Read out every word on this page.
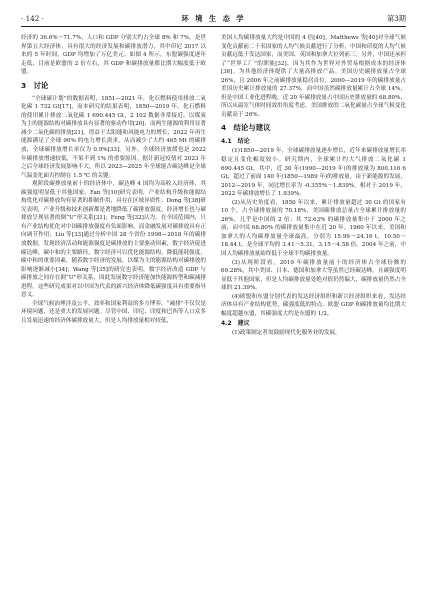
· 142 ·	环 境 生 态 学	第3期

经济的 36.6%～71.7%，人口和 GDP 分别大约占全球 8% 和 7%，是世界第五大经济体，具有很大的经济发展和碳排放潜力，其中印尼 2017 以来的 5 年时间，GDP 均增加了万亿美元。如图 4 所示，东盟碳强度逐年走低，目前是欧盟的 2 倍左右，其 GDP 和碳排放量都比期大幅度低于欧盟。

3　讨论

“全球碳计划”的数据表明，1851—2021 年，化石燃料使用排放二氧化碳 1 732 Gt[17]，而本研究的结果表明，1850—2019 年，化石燃料的使用累计排放二氧化碳 1 690.445 Gt，2 102 数据非常接近。以煤炭为主的能源结构对碳排放具有显著的驱动作用[20]，而两生能源的利用显著减少二氧化碳的排放[21]。得益于太阳能和风能电力的增长，2022 年再生能源满足了全球 90% 的电力增长需求，从而减少了大约 465 Mt 的碳排放，全球碳排放增长率仅为 0.9%[33]。另外，全球经济放缓也是 2022 年碳排放增速较低，不果不到 1% 的重要原因。据计新冠疫情对 2023 年之后全球经济发展影响不大，所以 2023—2025 年全球能否碳达峰是全球气温变化面否控制在 1.5 ℃ 的关键。

观阶段碳排放量前十的经济体中，碳达峰 4 国均为高收入经济体，其碳强度明显低于其他国家。Fan 等[10]研究表明，产业结构升级和能源结构优化对碳排放均有显著的抑制作用，具存在区域异质性；Dong 等[38]研究表明，产业升级和技术创新都是著地降低了碳排放强度，经济增长也与碳排放呈现显著的倒“U”形关系[31]；Feng 等[32]认为，在全国范围内，只有产业结构优化对中国碳排放强度有负面影响，而金融发展对碳排放具有正向调节作用；Liu 等[33]通过分析中国 28 个省份 1998—2018 年的碳排放数据，发现经济活动和能源强度是碳排放的主要驱动因素，数字经济促进碳达峰，碳中和的主要路径，数字经济可以优化能源结构，降低能耗强度，碳中和的重要因素，随着数字经济的发展，以煤为主的能源结构对碳排放的影响逐渐减小[34]；Wang 等[35]的研究也表明，数字经济改造 GDP 与碳排放之间存在倒“U”形关系，因此发展数字经济能加快能源转型和碳减排进程。这些研究成果对以中国为代表的新兴经济体降低碳强度具有重要指导意义。

全球气候治理涉及公平、效率和国家利益的多方博弈。“减排”不仅仅是环境问题，还是重大的发展问题。尽管中国、印尼、印度和巴西等人口众多且发展迅速的经济体碳排放量大，但是人均排放量相对较低，

美国人均碳排放量大约是中国的 4 倍[40]。Matthews 等[40]对全球气候变化贡献前二十名国家的人均气候贡献进行了分析，中国和印度的人均气候贡献远低于发达国家，而美国、英国和加拿大位列前三。另外，中国还承担了“世界工厂”的职能[32]，因为其作为世界对外贸易根据成本的经济体[36]。为其他经济体提供了大量高排放产品。美国历史碳排放量占全球 26%，且 2006 年之前碳排放量稳居首位，2000—2019 年的碳排放量占美国历史累计排放量的 27.37%，而中国虽然碳排放量累计占全球 14%，但是中国工业化进程晚，近 20 年碳排放量占中国历史排放量的 68.80%，所以从温室气体时间效用角度考虑，美国排放的二氧化碳量占全球气候变化贡献高于 26%。

4　结论与建议
4.1　结论

(1)1850—2019 年，全球碳排放量逐步增长，近年来碳排放量增长率稳定且变化幅度较小。研究期内，全球累计约大气排放二氧化碳 1 690.445 Gt，其中，近 30 年(1990—2019 年)的排放量为 800.116 6 Gt，超过了前面 140 年(1850—1989 年)的排放量。由于新能源的发展，2012—2019 年，同比增长率为 -0.355%～1.839%，相对于 2019 年，2022 年碳排放增长了 1.939%。

(2)从历史角度看，1850 年以来，累计排放量超过 30 Gt 的国家有 10 个，占全球排放量的 70.18%，美国碳排放总量占全球累计排放量的 26%，几乎是中国的 2 倍；其 72.63% 的碳排放量集中于 2000 年之前，而中国 68.80% 的碳排放量集中在近 20 年。1960 年以来，美国和加拿大的人均碳排放量全球最高，分别为 15.99～24.16 t，10.50～18.44 t，是全球平均的 3.41～5.31，3.15～4.58 倍。2004 年之前，中国人均碳排放量始终低于全球平均碳排放量。

(3)从现阶段看，2019 年碳排放量前十的经济体占全球份额的 69.28%，其中美国、日本、德国和加拿大等虽然已经碳达峰，且碳强度明显低于其他国家，但是人均碳排放量处绝对值仍然偏大，碳排放量仍然占全球的 21.39%。

(4)欧盟和东盟分别代表的发达经济组织和新兴经济组织来看，发达经济体具有产业结构优势，碳强度低的特点。欧盟 GDP 和碳排放量均比期大幅度超越东盟，其碳强度大约是东盟的 1/2。

4.2　建议

(1)政策制定者需鼓励现代化服务业的发展，
